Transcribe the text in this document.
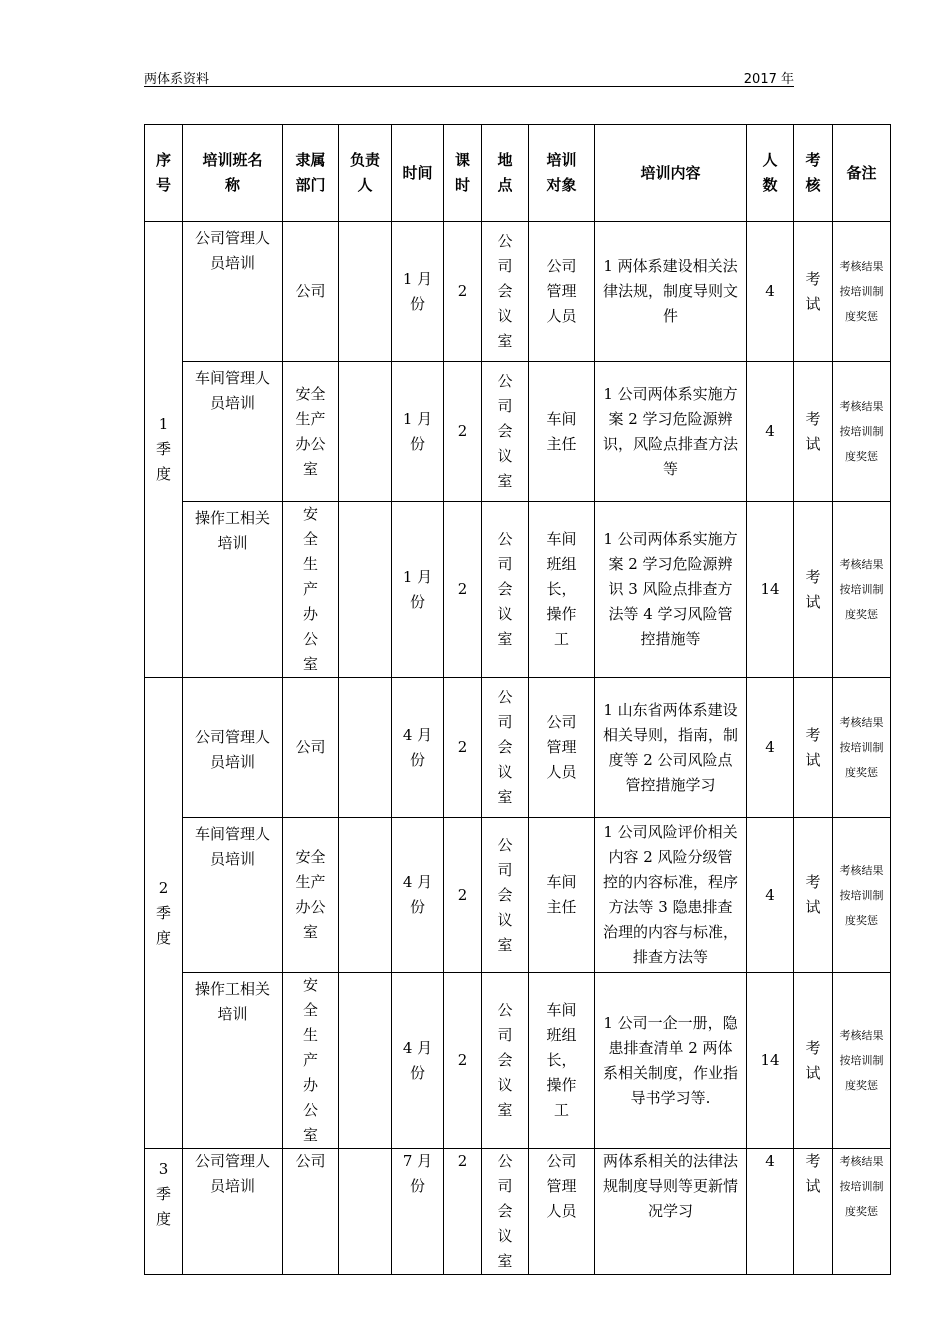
两体系资料	2017 年
序号	培训班名称	隶属部门	负责人	时间	课时	地点	培训对象	培训内容	人数	考核	备注
1 季度	公司管理人员培训	公司		1 月份	2	公司会议室	公司管理人员	1 两体系建设相关法律法规，制度导则文件	4	考试	考核结果按培训制度奖惩
	车间管理人员培训	安全生产办公室		1 月份	2	公司会议室	车间主任	1 公司两体系实施方案 2 学习危险源辨识，风险点排查方法等	4	考试	考核结果按培训制度奖惩
	操作工相关培训	安 全 生 产 办 公 室		1 月份	2	公司会议室	车间班组长，操作工	1 公司两体系实施方案 2 学习危险源辨识 3 风险点排查方法等 4 学习风险管控措施等	14	考试	考核结果按培训制度奖惩
2 季度	公司管理人员培训	公司		4 月份	2	公司会议室	公司管理人员	1 山东省两体系建设相关导则，指南，制度等 2 公司风险点管控措施学习	4	考试	考核结果按培训制度奖惩
	车间管理人员培训	安全生产办公室		4 月份	2	公司会议室	车间主任	1 公司风险评价相关内容 2 风险分级管控的内容标准，程序方法等 3 隐患排查治理的内容与标准，排查方法等	4	考试	考核结果按培训制度奖惩
	操作工相关培训	安 全 生 产 办 公 室		4 月份	2	公司会议室	车间班组长，操作工	1 公司一企一册，隐患排查清单 2 两体系相关制度，作业指导书学习等.	14	考试	考核结果按培训制度奖惩
3 季度	公司管理人员培训	公司		7 月份	2	公司会议室	公司管理人员	两体系相关的法律法规制度导则等更新情况学习	4	考试	考核结果按培训制度奖惩
